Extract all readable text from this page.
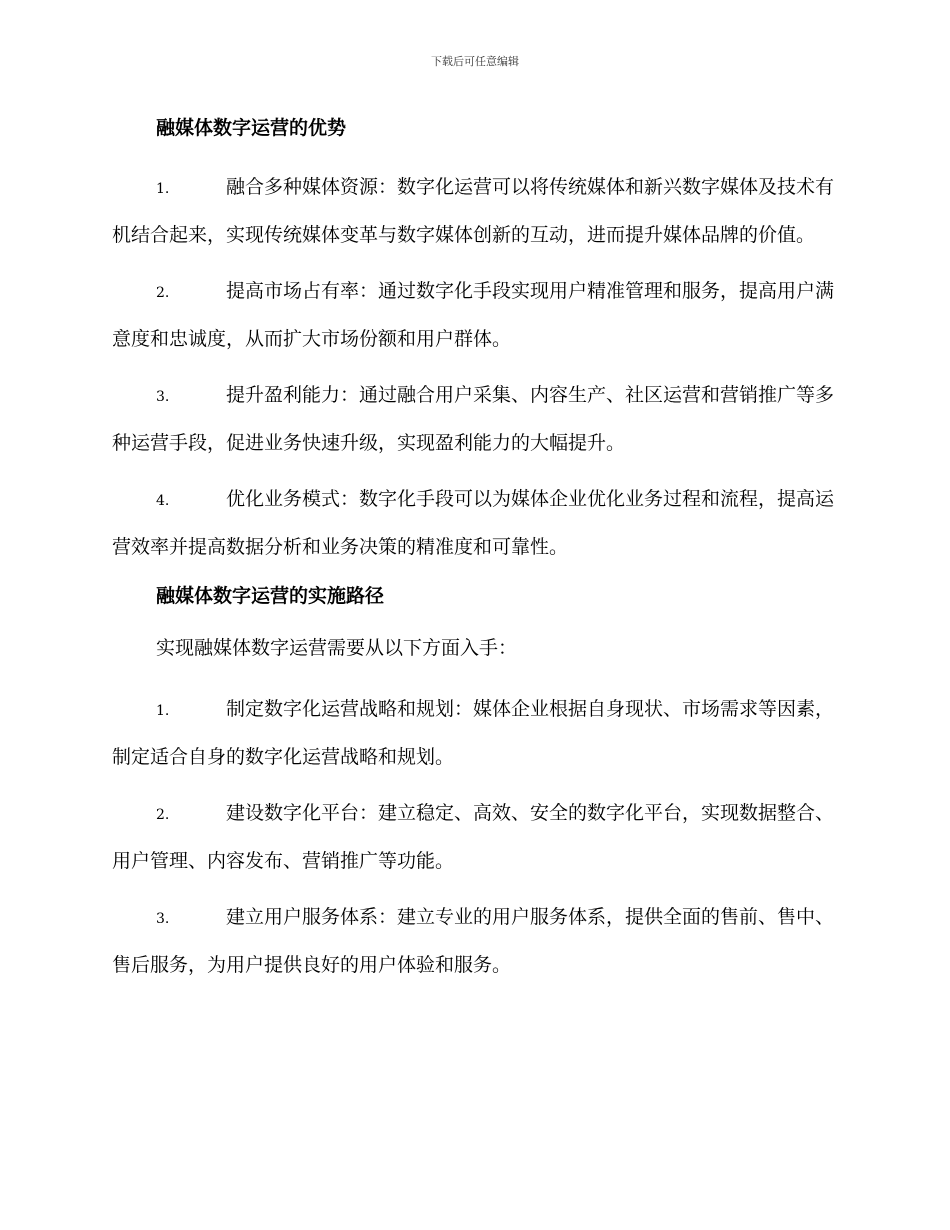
下载后可任意编辑
融媒体数字运营的优势
1.	融合多种媒体资源：数字化运营可以将传统媒体和新兴数字媒体及技术有机结合起来，实现传统媒体变革与数字媒体创新的互动，进而提升媒体品牌的价值。
2.	提高市场占有率：通过数字化手段实现用户精准管理和服务，提高用户满意度和忠诚度，从而扩大市场份额和用户群体。
3.	提升盈利能力：通过融合用户采集、内容生产、社区运营和营销推广等多种运营手段，促进业务快速升级，实现盈利能力的大幅提升。
4.	优化业务模式：数字化手段可以为媒体企业优化业务过程和流程，提高运营效率并提高数据分析和业务决策的精准度和可靠性。
融媒体数字运营的实施路径
实现融媒体数字运营需要从以下方面入手：
1.	制定数字化运营战略和规划：媒体企业根据自身现状、市场需求等因素，制定适合自身的数字化运营战略和规划。
2.	建设数字化平台：建立稳定、高效、安全的数字化平台，实现数据整合、用户管理、内容发布、营销推广等功能。
3.	建立用户服务体系：建立专业的用户服务体系，提供全面的售前、售中、售后服务，为用户提供良好的用户体验和服务。
